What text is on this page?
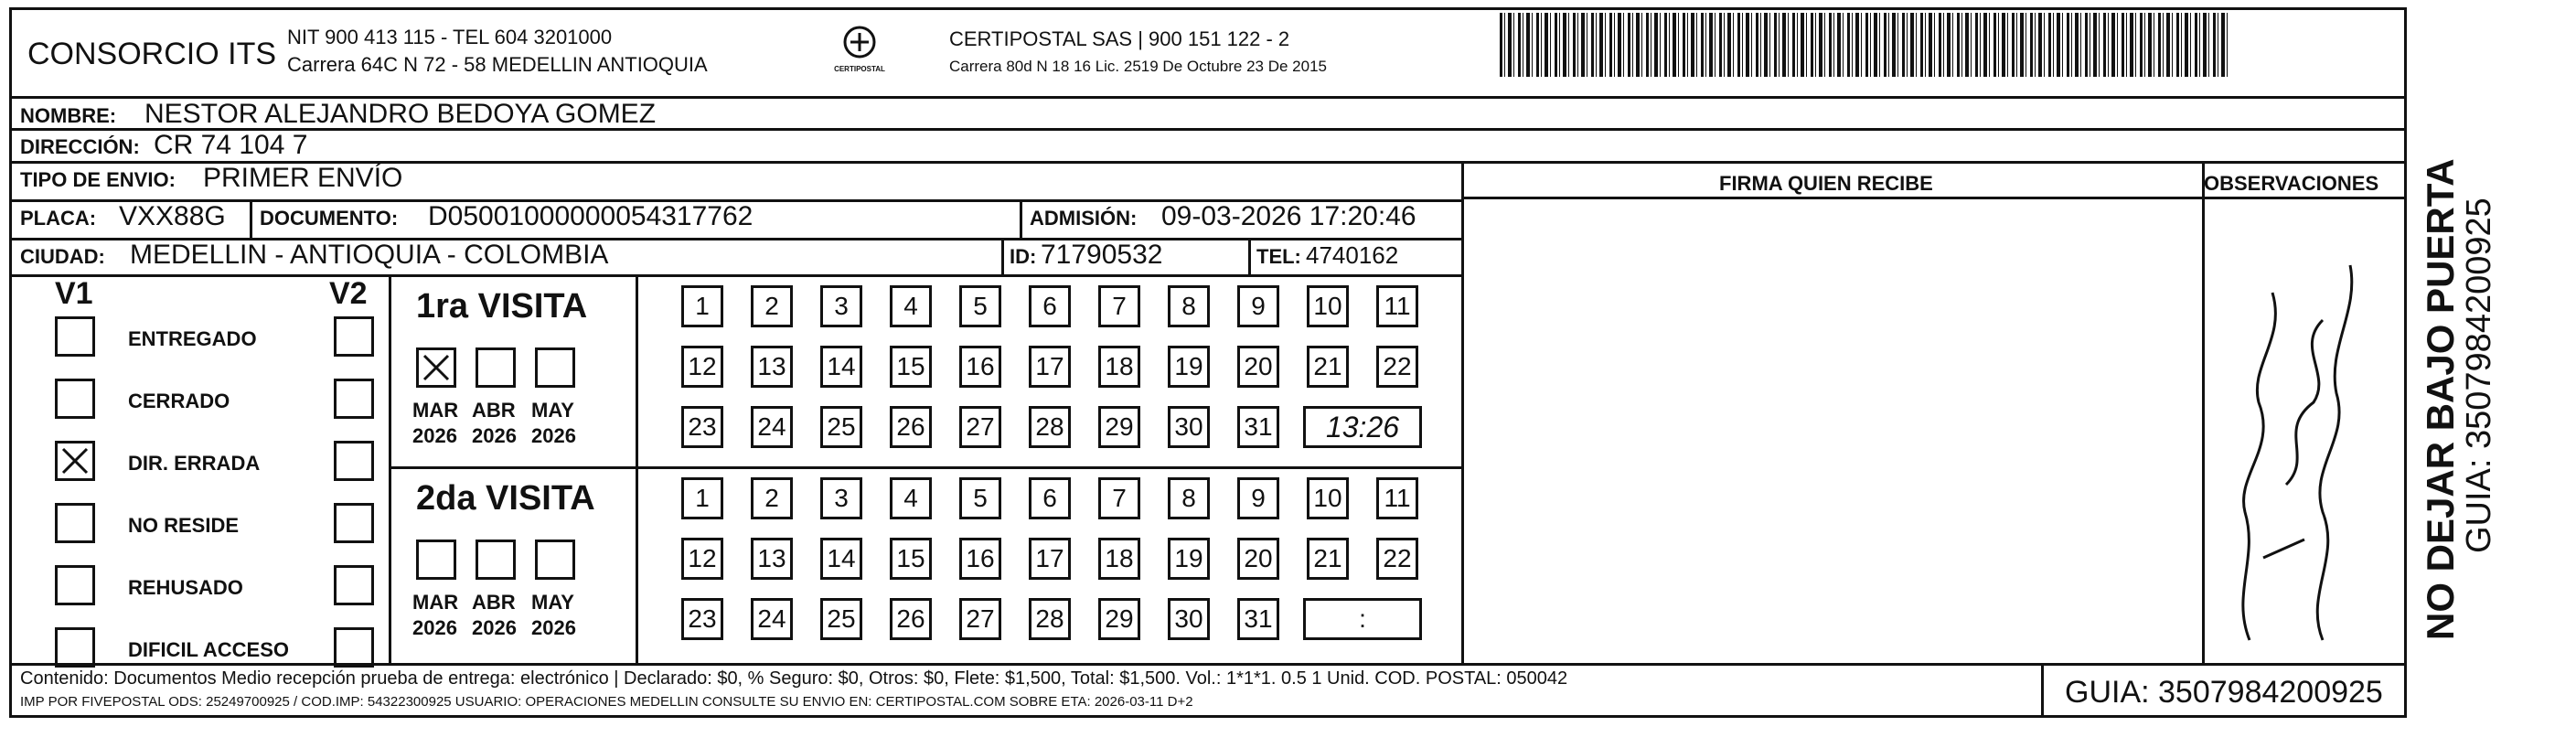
CONSORCIO ITS NIT 900 413 115 - TEL 604 3201000
Carrera 64C N 72 - 58 MEDELLIN ANTIOQUIA	CERTIPOSTAL
CERTIPOSTAL SAS | 900 151 122 - 2
Carrera 80d N 18 16 Lic. 2519 De Octubre 23 De 2015
NOMBRE: NESTOR ALEJANDRO BEDOYA GOMEZ
DIRECCIÓN: CR 74 104 7
TIPO DE ENVIO: PRIMER ENVÍO	FIRMA QUIEN RECIBE	OBSERVACIONES
PLACA: VXX88G DOCUMENTO: D05001000000054317762	ADMISIÓN: 09-03-2026 17:20:46
CIUDAD: MEDELLIN - ANTIOQUIA - COLOMBIA	ID: 71790532	TEL: 4740162
V1	V2
ENTREGADO
CERRADO
DIR. ERRADA
NO RESIDE
REHUSADO
DIFICIL ACCESO
1ra VISITA
MAR
2026
ABR
2026
MAY
2026
1	2	3	4	5	6	7	8	9	10	11
12 13 14 15 16 17 18 19 20 21 22
23 24 25 26 27 28 29 30 31	13:26
2da VISITA
MAR
2026
ABR
2026
MAY
2026
1	2	3	4	5	6	7	8	9	10	11
12 13 14 15 16 17 18 19 20 21 22
23 24 25 26 27 28 29 30 31	:
Contenido: Documentos Medio recepción prueba de entrega: electrónico | Declarado: $0, % Seguro: $0, Otros: $0, Flete: $1,500, Total: $1,500. Vol.: 1*1*1. 0.5 1 Unid. COD. POSTAL: 050042
IMP POR FIVEPOSTAL ODS: 25249700925 / COD.IMP: 54322300925 USUARIO: OPERACIONES MEDELLIN CONSULTE SU ENVIO EN: CERTIPOSTAL.COM SOBRE ETA: 2026-03-11 D+2	GUIA: 3507984200925
NO DEJAR BAJO PUERTA
GUIA: 3507984200925
